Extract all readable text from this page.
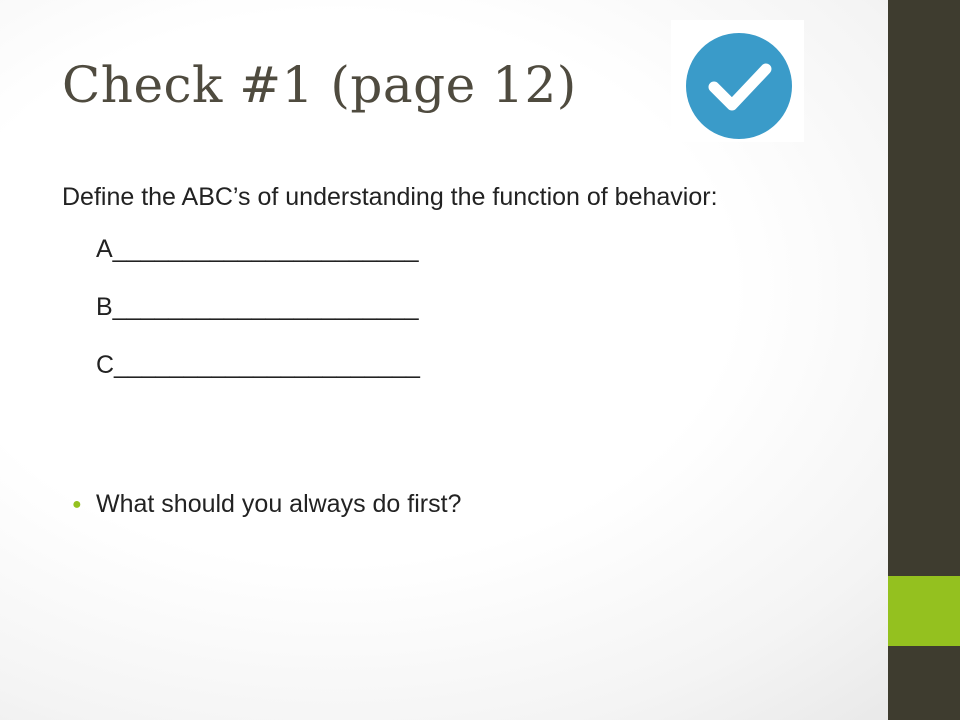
Check #1 (page 12)

Define the ABC’s of understanding the function of behavior:

A______________________

B______________________

C______________________

● What should you always do first?
